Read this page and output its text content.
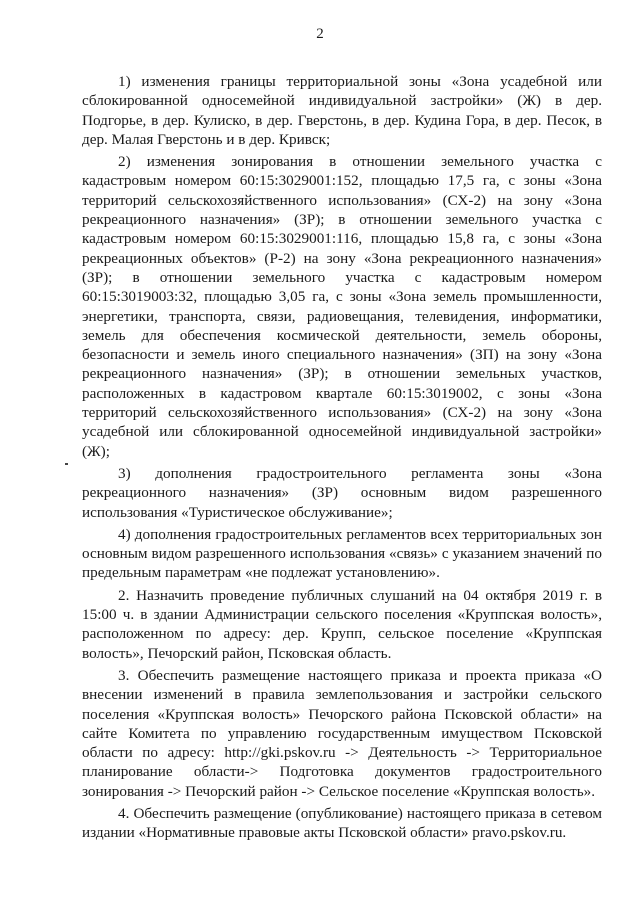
2

1) изменения границы территориальной зоны «Зона усадебной или сблокированной односемейной индивидуальной застройки» (Ж) в дер. Подгорье, в дер. Кулиско, в дер. Гверстонь, в дер. Кудина Гора, в дер. Песок, в дер. Малая Гверстонь и в дер. Кривск;

2) изменения зонирования в отношении земельного участка с кадастровым номером 60:15:3029001:152, площадью 17,5 га, с зоны «Зона территорий сельскохозяйственного использования» (СХ-2) на зону «Зона рекреационного назначения» (ЗР); в отношении земельного участка с кадастровым номером 60:15:3029001:116, площадью 15,8 га, с зоны «Зона рекреационных объектов» (Р-2) на зону «Зона рекреационного назначения» (ЗР); в отношении земельного участка с кадастровым номером 60:15:3019003:32, площадью 3,05 га, с зоны «Зона земель промышленности, энергетики, транспорта, связи, радиовещания, телевидения, информатики, земель для обеспечения космической деятельности, земель обороны, безопасности и земель иного специального назначения» (ЗП) на зону «Зона рекреационного назначения» (ЗР); в отношении земельных участков, расположенных в кадастровом квартале 60:15:3019002, с зоны «Зона территорий сельскохозяйственного использования» (СХ-2) на зону «Зона усадебной или сблокированной односемейной индивидуальной застройки» (Ж);

3) дополнения градостроительного регламента зоны «Зона рекреационного назначения» (ЗР) основным видом разрешенного использования «Туристическое обслуживание»;

4) дополнения градостроительных регламентов всех территориальных зон основным видом разрешенного использования «связь» с указанием значений по предельным параметрам «не подлежат установлению».

2. Назначить проведение публичных слушаний на 04 октября 2019 г. в 15:00 ч. в здании Администрации сельского поселения «Круппская волость», расположенном по адресу: дер. Крупп, сельское поселение «Круппская волость», Печорский район, Псковская область.

3. Обеспечить размещение настоящего приказа и проекта приказа «О внесении изменений в правила землепользования и застройки сельского поселения «Круппская волость» Печорского района Псковской области» на сайте Комитета по управлению государственным имуществом Псковской области по адресу: http://gki.pskov.ru -> Деятельность -> Территориальное планирование области-> Подготовка документов градостроительного зонирования -> Печорский район -> Сельское поселение «Круппская волость».

4. Обеспечить размещение (опубликование) настоящего приказа в сетевом издании «Нормативные правовые акты Псковской области» pravo.pskov.ru.
